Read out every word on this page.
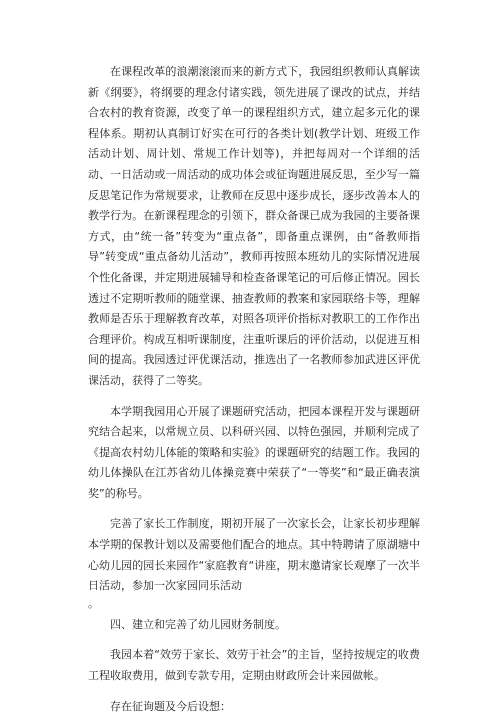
在课程改革的浪潮滚滚而来的新方式下，我园组织教师认真解读新《纲要》，将纲要的理念付诸实践，领先进展了课改的试点，并结合农村的教育资源，改变了单一的课程组织方式，建立起多元化的课程体系。期初认真制订好实在可行的各类计划(教学计划、班级工作活动计划、周计划、常规工作计划等)，并把每周对一个详细的活动、一日活动或一周活动的成功体会或征询题进展反思，至少写一篇反思笔记作为常规要求，让教师在反思中逐步成长，逐步改善本人的教学行为。在新课程理念的引领下，群众备课已成为我园的主要备课方式，由“统一备”转变为“重点备”，即备重点课例，由“备教师指导”转变成“重点备幼儿活动”，教师再按照本班幼儿的实际情况进展个性化备课，并定期进展辅导和检查备课笔记的可后修正情况。园长透过不定期听教师的随堂课、抽查教师的教案和家园联络卡等，理解教师是否乐于理解教育改革，对照各项评价指标对教职工的工作作出合理评价。构成互相听课制度，注重听课后的评价活动，以促进互相间的提高。我园透过评优课活动，推选出了一名教师参加武进区评优课活动，获得了二等奖。

本学期我园用心开展了课题研究活动，把园本课程开发与课题研究结合起来，以常规立员、以科研兴园、以特色强园，并顺利完成了《提高农村幼儿体能的策略和实验》的课题研究的结题工作。我园的幼儿体操队在江苏省幼儿体操竞赛中荣获了“一等奖”和“最正确表演奖”的称号。

完善了家长工作制度，期初开展了一次家长会，让家长初步理解本学期的保教计划以及需要他们配合的地点。其中特聘请了原湖塘中心幼儿园的园长来园作“家庭教育“讲座，期末邀请家长观摩了一次半日活动，参加一次家园同乐活动

。

四、建立和完善了幼儿园财务制度。

我园本着“效劳于家长、效劳于社会”的主旨，坚持按规定的收费工程收取费用，做到专款专用，定期由财政所会计来园做帐。

存在征询题及今后设想：
